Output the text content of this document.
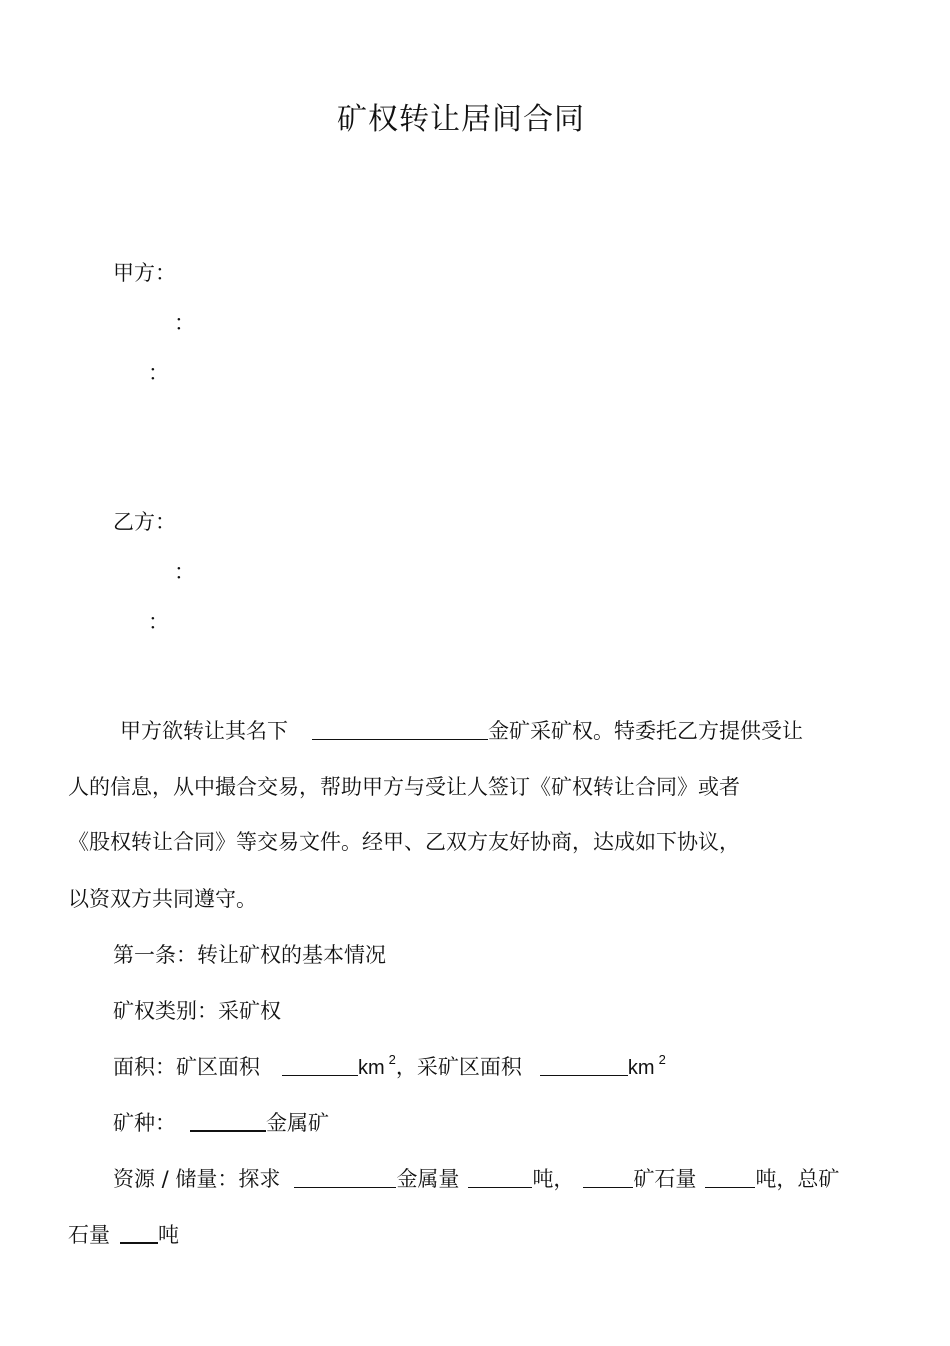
矿权转让居间合同
甲方：
：
：
乙方：
：
：
甲方欲转让其名下	金矿采矿权。特委托乙方提供受让
人的信息，从中撮合交易，帮助甲方与受让人签订《矿权转让合同》或者
《股权转让合同》等交易文件。经甲、乙双方友好协商，达成如下协议，
以资双方共同遵守。
第一条：转让矿权的基本情况
矿权类别：采矿权
面积：矿区面积	km $^2$，采矿区面积	km $^2$
矿种：	金属矿
资源 / 储量：探求	金属量	吨，	矿石量	吨，总矿
石量 吨
